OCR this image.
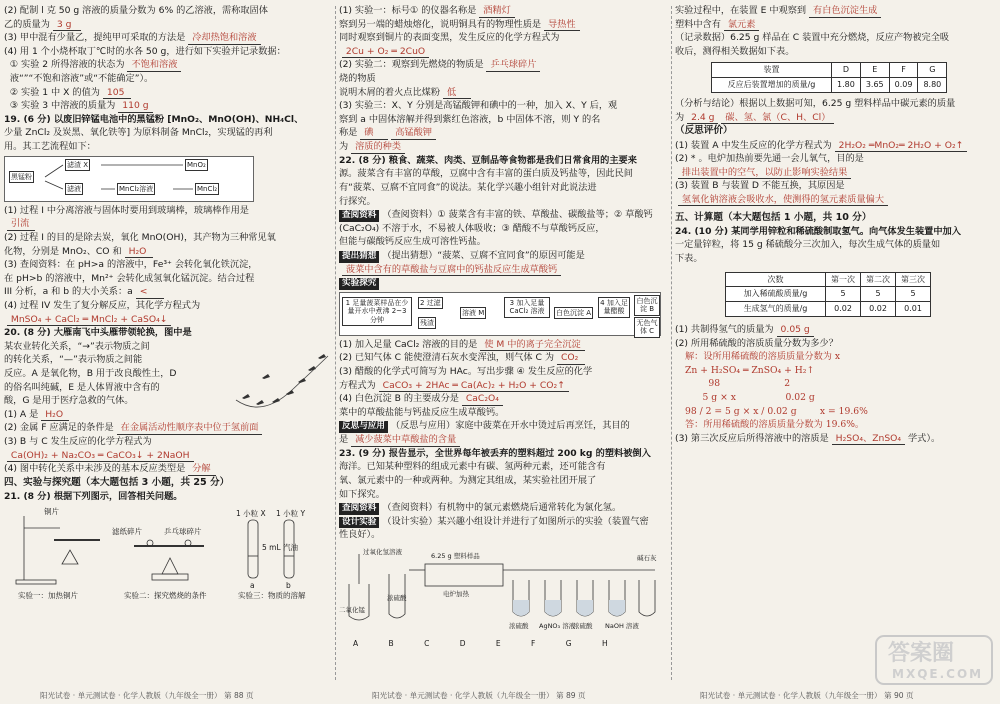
(2) 配制 l 克 50 g 溶液的质量分数为 6% 的乙溶液，需称取固体

乙的质量为 3 g

(3) 甲中混有少量乙，提纯甲可采取的方法是 冷却热饱和溶液

(4) 用 1 个小烧杯取丁℃时的水各 50 g，进行如下实验并记录数据：

① 实验 2 所得溶液的状态为 不饱和溶液

液“”“不饱和溶液”或“不能确定”）。

② 实验 1 中 X 的值为 105

③ 实验 3 中溶液的质量为 110 g

19. (6 分) 以废旧锌锰电池中的黑锰粉 [MnO₂、MnO(OH)、NH₄Cl、

少量 ZnCl₂ 及炭黑、氧化铁等] 为原料制备 MnCl₂，实现锰的再利

用。其工艺流程如下：

黑锰粉
滤渣 X
滤液	MnCl₂溶液
MnO₂
MnCl₂

(1) 过程 I 中分离溶液与固体时要用到玻璃棒，玻璃棒作用是

引流

(2) 过程 I 的目的是除去炭，氧化 MnO(OH)，其产物为三种常见氧

化物，分别是 MnO₂、CO 和 H₂O

(3) 查阅资料：在 pH>a 的溶液中，Fe³⁺ 会转化氧化铁沉淀，

在 pH>b 的溶液中，Mn²⁺ 会转化成氢氧化锰沉淀。结合过程

III 分析，a 和 b 的大小关系：a <

(4) 过程 IV 发生了复分解反应，其化学方程式为

MnSO₄ + CaCl₂ ═ MnCl₂ + CaSO₄↓

20. (8 分) 大雁南飞中头雁带领轮换，图中是

某农业转化关系，“→”表示物质之间

的转化关系，“—”表示物质之间能

反应。A 是氧化物，B 用于改良酸性土，D

的俗名叫纯碱，E 是人体胃液中含有的

酸，G 是用于医疗急救的气体。

(1) A 是 H₂O

(2) 金属 F 应满足的条件是 在金属活动性顺序表中位于氢前面

(3) B 与 C 发生反应的化学方程式为

Ca(OH)₂ + Na₂CO₃ ═ CaCO₃↓ + 2NaOH

(4) 图中转化关系中未涉及的基本反应类型是 分解

四、实验与探究题（本大题包括 3 小题，共 25 分）

21. (8 分) 根据下列图示，回答相关问题。

铜片
滤纸碎片	乒乓球碎片
1 小粒 X 1 小粒 Y
5 mL 汽油
a	b
实验一：加热铜片	实验二：探究燃烧的条件	实验三：物质的溶解
阳光试卷 · 单元测试卷 · 化学人教版（九年级全一册） 第 88 页

(1) 实验一：标号① 的仪器名称是 酒精灯

察到另一端的蜡烛熔化，说明铜具有的物理性质是 导热性

同时观察到铜片的表面变黑，发生反应的化学方程式为

2Cu + O₂ ═ 2CuO

(2) 实验二：观察到先燃烧的物质是 乒乓球碎片

烧的物质

说明木屑的着火点比煤粉 低

(3) 实验三：X、Y 分别是高锰酸钾和碘中的一种，加入 X、Y 后，观

察到 a 中固体溶解并得到紫红色溶液，b 中固体不溶，则 Y 的名

称是 碘 高锰酸钾

为 溶质的种类

22. (8 分) 粮食、蔬菜、肉类、豆制品等食物都是我们日常食用的主要来

源。菠菜含有丰富的草酸，豆腐中含有丰富的蛋白质及钙盐等，因此民间

有“菠菜、豆腐不宜同食”的说法。某化学兴趣小组针对此说法进

行探究。

查阅资料 （查阅资料）① 菠菜含有丰富的铁、草酸盐、碳酸盐等；② 草酸钙

(CaC₂O₄) 不溶于水，不易被人体吸收；③ 醋酸不与草酸钙反应，

但能与碳酸钙反应生成可溶性钙盐。

提出猜想 （提出猜想）“菠菜、豆腐不宜同食”的原因可能是

菠菜中含有的草酸盐与豆腐中的钙盐反应生成草酸钙

实验探究

1 足量菠菜样品在少量开水中煮沸 2~3 分钟
2 过滤
残渣
溶液 M
3 加入足量 CaCl₂ 溶液	白色沉淀 A
4 加入足量醋酸
白色沉淀 B
无色气体 C

(1) 加入足量 CaCl₂ 溶液的目的是 使 M 中的离子完全沉淀

(2) 已知气体 C 能使澄清石灰水变浑浊，则气体 C 为 CO₂

(3) 醋酸的化学式可简写为 HAc。写出步骤 ④ 发生反应的化学

方程式为 CaCO₃ + 2HAc ═ Ca(Ac)₂ + H₂O + CO₂↑

(4) 白色沉淀 B 的主要成分是 CaC₂O₄

菜中的草酸盐能与钙盐反应生成草酸钙。

反思与应用 （反思与应用）家庭中菠菜在开水中烫过后再烹饪，其目的

是 减少菠菜中草酸盐的含量

23. (9 分) 报告显示，全世界每年被丢弃的塑料超过 200 kg 的塑料被倒入

海洋。已知某种塑料的组成元素中有碳、氢两种元素，还可能含有

氧、氯元素中的一种或两种。为测定其组成，某实验社团开展了

如下探究。

查阅资料 （查阅资料）有机物中的氯元素燃烧后通常转化为氯化氢。

设计实验 （设计实验）某兴趣小组设计并进行了如图所示的实验（装置气密

性良好）。

过氧化氢溶液
二氧化锰
浓硫酸
6.25 g 塑料样品
电炉加热
浓硫酸 AgNO₃ 溶液
浓硫酸 NaOH 溶液
碱石灰

A	B	C	D	E	F	G	H

阳光试卷 · 单元测试卷 · 化学人教版（九年级全一册） 第 89 页

实验过程中，在装置 E 中观察到 有白色沉淀生成

塑料中含有 氯元素

（记录数据）6.25 g 样品在 C 装置中充分燃烧，反应产物被完全吸

收后，测得相关数据如下表。

装置	D	E	F	G
反应后装置增加的质量/g	1.80	3.65	0.09	8.80

（分析与结论）根据以上数据可知，6.25 g 塑料样品中碳元素的质量

为 2.4 g 碳、氢、氯（C、H、Cl）

（反思评价）

(1) 装置 A 中发生反应的化学方程式为 2H₂O₂ ═MnO₂═ 2H₂O + O₂↑

(2) * 。电炉加热前要先通一会儿氧气，目的是

排出装置中的空气，以防止影响实验结果

(3) 装置 B 与装置 D 不能互换，其原因是

氢氧化钠溶液会吸收水，使测得的氢元素质量偏大

五、计算题（本大题包括 1 小题，共 10 分）

24. (10 分) 某同学用锌粒和稀硫酸制取氢气。向气体发生装置中加入

一定量锌粒，将 15 g 稀硫酸分三次加入，每次生成气体的质量如

下表。

次数	第一次	第二次	第三次
加入稀硫酸质量/g	5	5	5
生成氢气的质量/g	0.02	0.02	0.01

(1) 共制得氢气的质量为 0.05 g

(2) 所用稀硫酸的溶质质量分数为多少？

解：设所用稀硫酸的溶质质量分数为 x

Zn + H₂SO₄ ═ ZnSO₄ + H₂↑

98                      2

5 g × x                 0.02 g

98 / 2 = 5 g × x / 0.02 g        x = 19.6%

答：所用稀硫酸的溶质质量分数为 19.6%。

(3) 第三次反应后所得溶液中的溶质是 H₂SO₄、ZnSO₄ 学式）。

阳光试卷 · 单元测试卷 · 化学人教版（九年级全一册） 第 90 页
答案圈
MXQE.COM
